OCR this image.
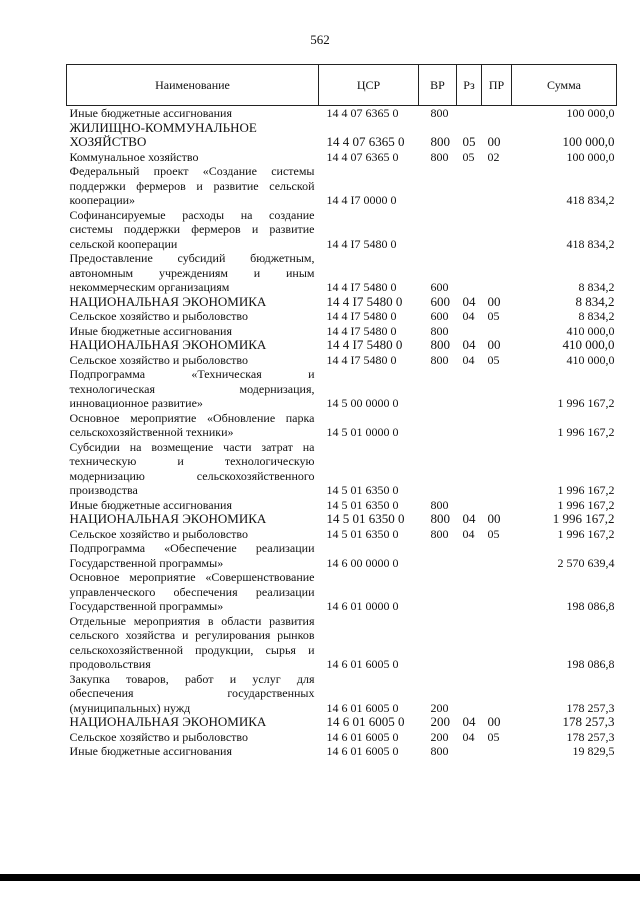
562
Наименование	ЦСР	ВР	Рз	ПР	Сумма
Иные бюджетные ассигнования	14 4 07 6365 0	800			100 000,0
ЖИЛИЩНО-КОММУНАЛЬНОЕ ХОЗЯЙСТВО	14 4 07 6365 0	800	05	00	100 000,0
Коммунальное хозяйство	14 4 07 6365 0	800	05	02	100 000,0
Федеральный проект «Создание системы поддержки фермеров и развитие сельской кооперации»	14 4 I7 0000 0				418 834,2
Софинансируемые расходы на создание системы поддержки фермеров и развитие сельской кооперации	14 4 I7 5480 0				418 834,2
Предоставление субсидий бюджетным, автономным учреждениям и иным некоммерческим организациям	14 4 I7 5480 0	600			8 834,2
НАЦИОНАЛЬНАЯ ЭКОНОМИКА	14 4 I7 5480 0	600	04	00	8 834,2
Сельское хозяйство и рыболовство	14 4 I7 5480 0	600	04	05	8 834,2
Иные бюджетные ассигнования	14 4 I7 5480 0	800			410 000,0
НАЦИОНАЛЬНАЯ ЭКОНОМИКА	14 4 I7 5480 0	800	04	00	410 000,0
Сельское хозяйство и рыболовство	14 4 I7 5480 0	800	04	05	410 000,0
Подпрограмма «Техническая и технологическая модернизация, инновационное развитие»	14 5 00 0000 0				1 996 167,2
Основное мероприятие «Обновление парка сельскохозяйственной техники»	14 5 01 0000 0				1 996 167,2
Субсидии на возмещение части затрат на техническую и технологическую модернизацию сельскохозяйственного производства	14 5 01 6350 0				1 996 167,2
Иные бюджетные ассигнования	14 5 01 6350 0	800			1 996 167,2
НАЦИОНАЛЬНАЯ ЭКОНОМИКА	14 5 01 6350 0	800	04	00	1 996 167,2
Сельское хозяйство и рыболовство	14 5 01 6350 0	800	04	05	1 996 167,2
Подпрограмма «Обеспечение реализации Государственной программы»	14 6 00 0000 0				2 570 639,4
Основное мероприятие «Совершенствование управленческого обеспечения реализации Государственной программы»	14 6 01 0000 0				198 086,8
Отдельные мероприятия в области развития сельского хозяйства и регулирования рынков сельскохозяйственной продукции, сырья и продовольствия	14 6 01 6005 0				198 086,8
Закупка товаров, работ и услуг для обеспечения государственных (муниципальных) нужд	14 6 01 6005 0	200			178 257,3
НАЦИОНАЛЬНАЯ ЭКОНОМИКА	14 6 01 6005 0	200	04	00	178 257,3
Сельское хозяйство и рыболовство	14 6 01 6005 0	200	04	05	178 257,3
Иные бюджетные ассигнования	14 6 01 6005 0	800			19 829,5
